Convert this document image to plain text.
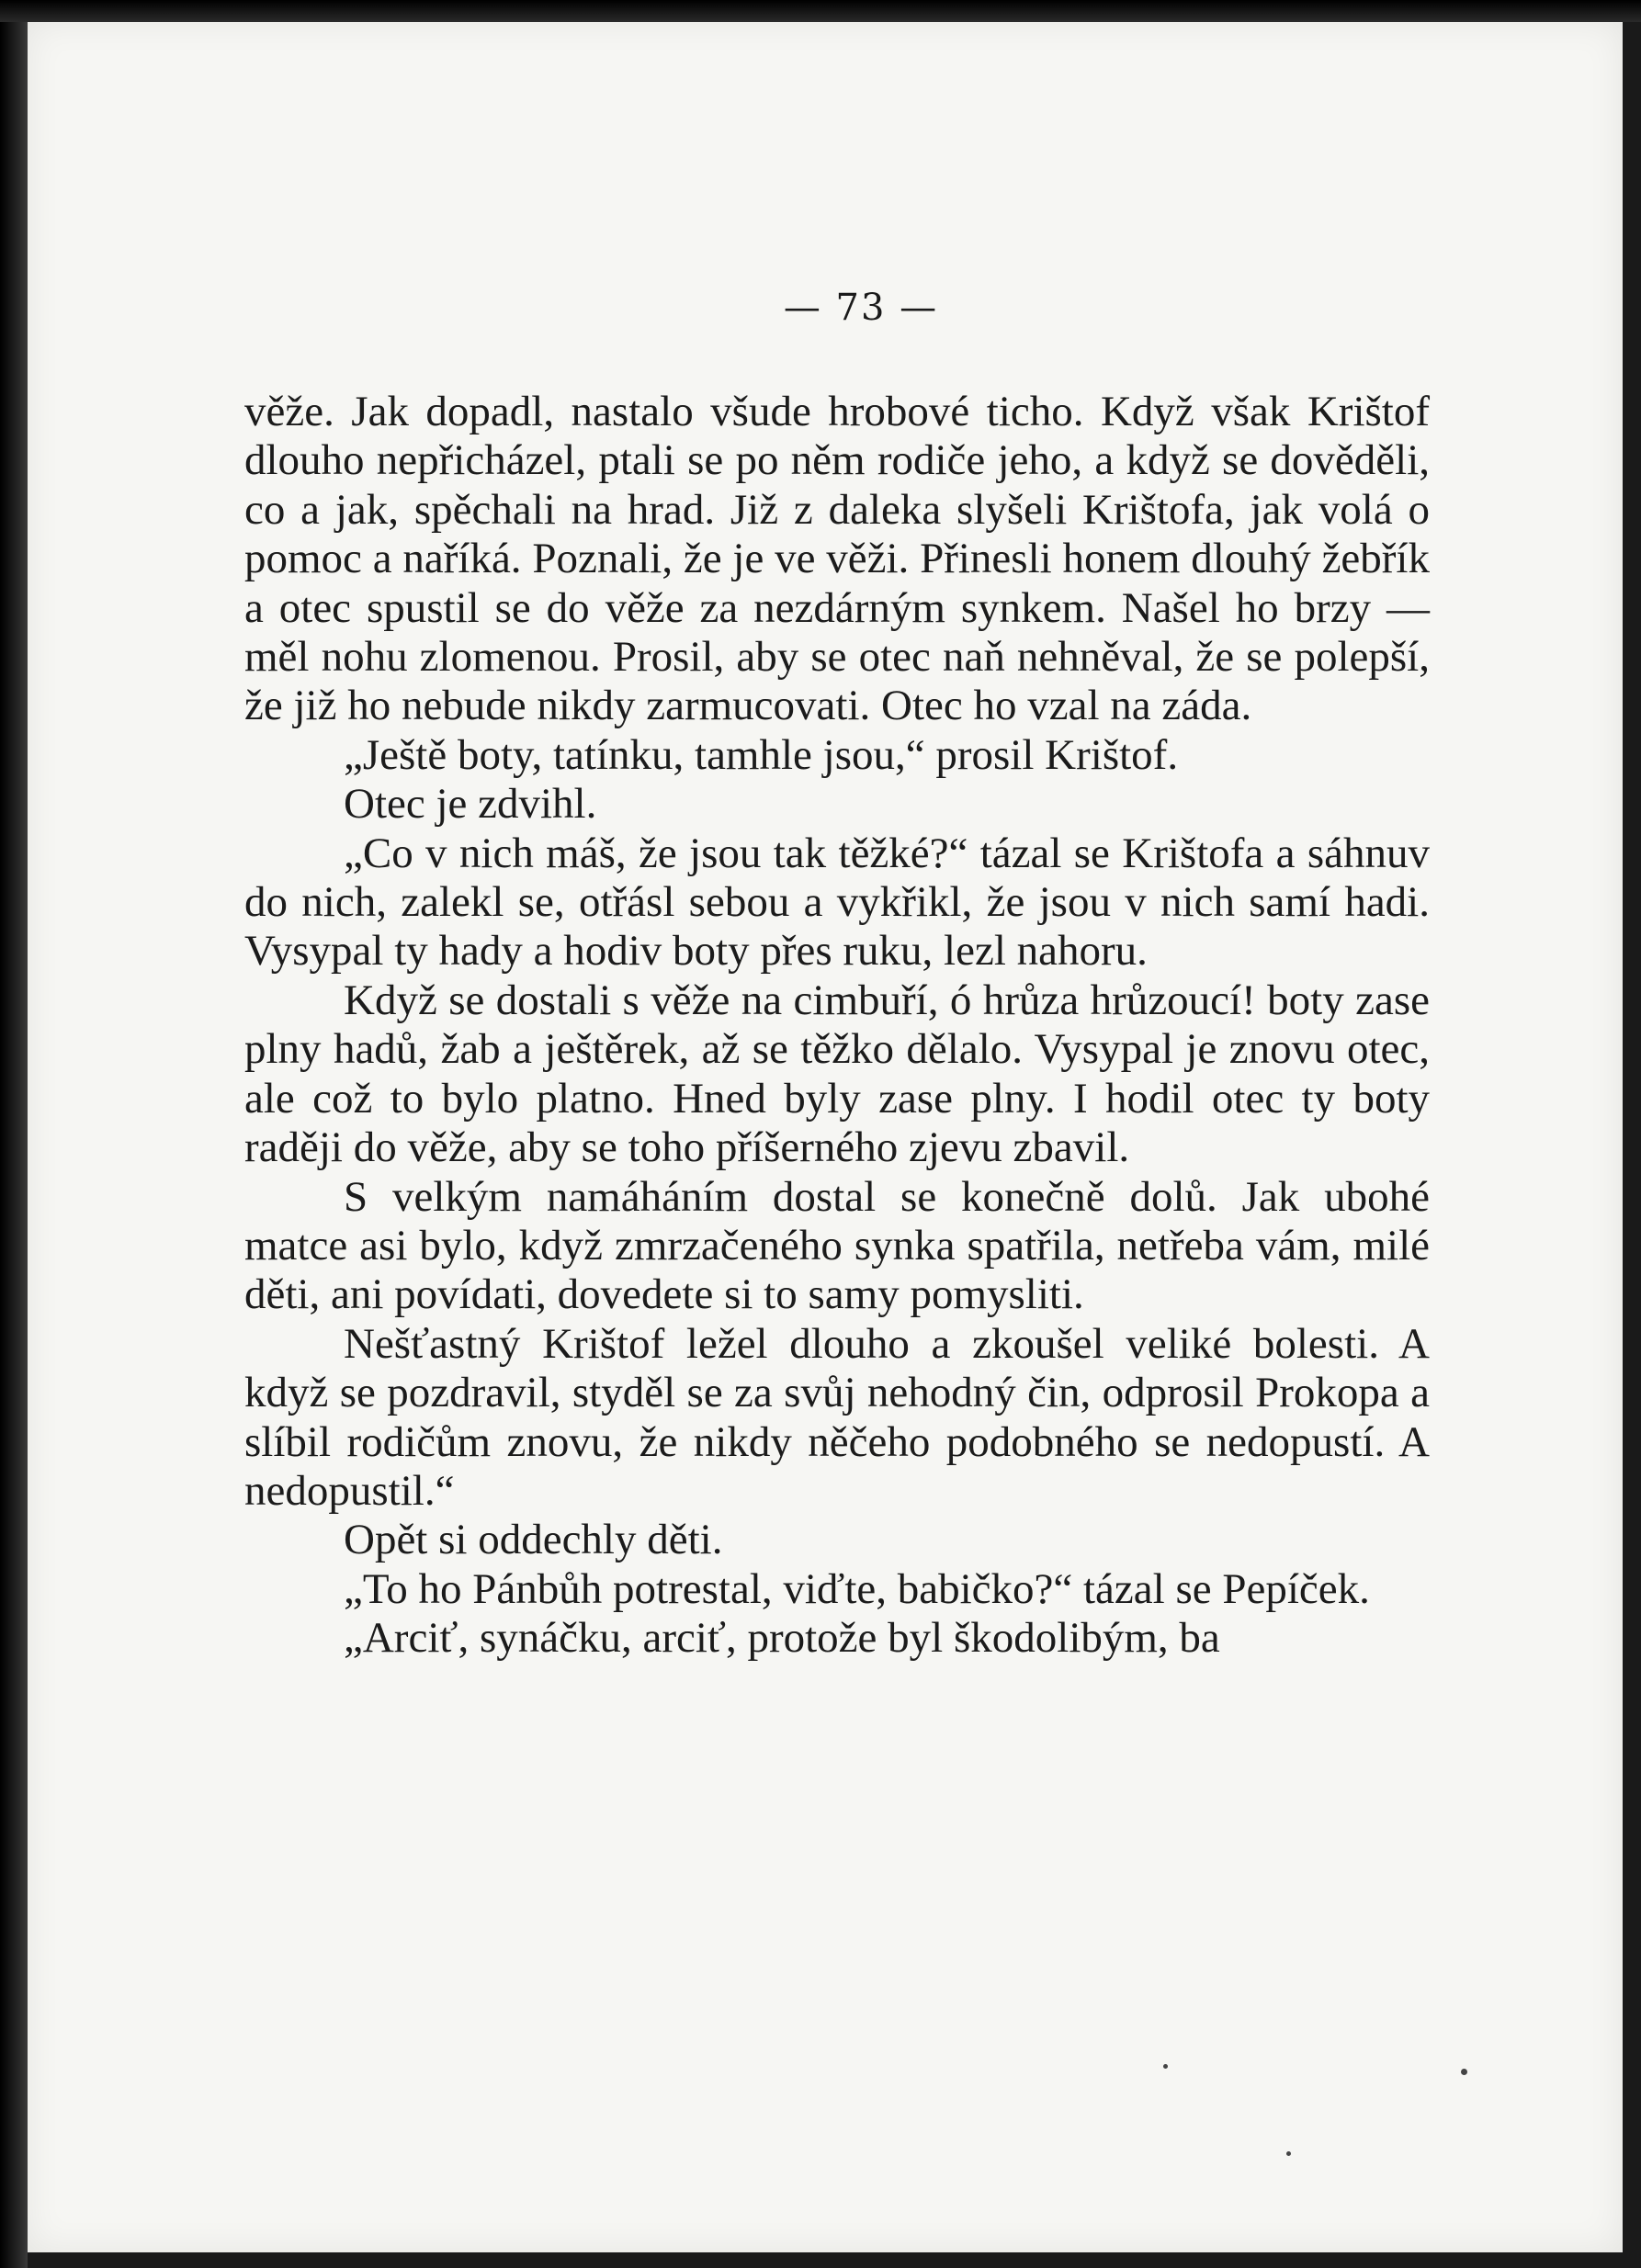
— 73 —

věže. Jak dopadl, nastalo všude hrobové ticho. Když však Krištof dlouho nepřicházel, ptali se po něm rodiče jeho, a když se dověděli, co a jak, spěchali na hrad. Již z daleka slyšeli Krištofa, jak volá o pomoc a naříká. Poznali, že je ve věži. Přinesli honem dlouhý žebřík a otec spustil se do věže za nezdárným synkem. Našel ho brzy — měl nohu zlomenou. Prosil, aby se otec naň nehněval, že se polepší, že již ho nebude nikdy zarmucovati. Otec ho vzal na záda.

„Ještě boty, tatínku, tamhle jsou,“ prosil Krištof.

Otec je zdvihl.

„Co v nich máš, že jsou tak těžké?“ tázal se Krištofa a sáhnuv do nich, zalekl se, otřásl sebou a vykřikl, že jsou v nich samí hadi. Vysypal ty hady a hodiv boty přes ruku, lezl nahoru.

Když se dostali s věže na cimbuří, ó hrůza hrůzoucí! boty zase plny hadů, žab a ještěrek, až se těžko dělalo. Vysypal je znovu otec, ale což to bylo platno. Hned byly zase plny. I hodil otec ty boty raději do věže, aby se toho příšerného zjevu zbavil.

S velkým namáháním dostal se konečně dolů. Jak ubohé matce asi bylo, když zmrzačeného synka spatřila, netřeba vám, milé děti, ani povídati, dovedete si to samy pomysliti.

Nešťastný Krištof ležel dlouho a zkoušel veliké bolesti. A když se pozdravil, styděl se za svůj nehodný čin, odprosil Prokopa a slíbil rodičům znovu, že nikdy něčeho podobného se nedopustí. A nedopustil.“

Opět si oddechly děti.

„To ho Pánbůh potrestal, viďte, babičko?“ tázal se Pepíček.

„Arciť, synáčku, arciť, protože byl škodolibým, ba
